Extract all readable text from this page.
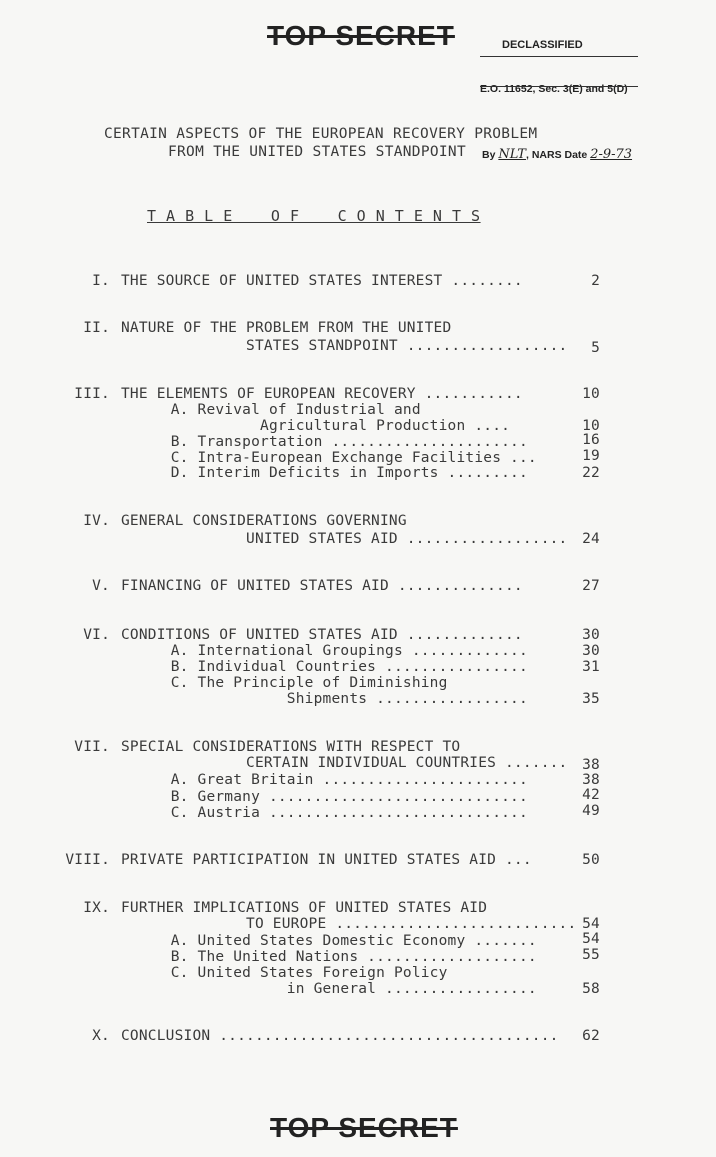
TOP SECRET
TOP SECRET

DECLASSIFIED

E.O. 11652, Sec. 3(E) and 5(D)

By NLT, NARS Date 2-9-73

CERTAIN ASPECTS OF THE EUROPEAN RECOVERY PROBLEM
FROM THE UNITED STATES STANDPOINT
T A B L E    O F    C O N T E N T S
I. THE SOURCE OF UNITED STATES INTEREST ........	2
II. NATURE OF THE PROBLEM FROM THE UNITED
STATES STANDPOINT ..................	5
III. THE ELEMENTS OF EUROPEAN RECOVERY ...........	10
A. Revival of Industrial and
Agricultural Production ....	10
B. Transportation ......................	16
C. Intra-European Exchange Facilities ...	19
D. Interim Deficits in Imports .........	22
IV. GENERAL CONSIDERATIONS GOVERNING
UNITED STATES AID ..................	24
V. FINANCING OF UNITED STATES AID ..............	27
VI. CONDITIONS OF UNITED STATES AID .............	30
A. International Groupings .............	30
B. Individual Countries ................	31
C. The Principle of Diminishing
Shipments .................	35
VII. SPECIAL CONSIDERATIONS WITH RESPECT TO
CERTAIN INDIVIDUAL COUNTRIES .......	38
A. Great Britain .......................	38
B. Germany .............................	42
C. Austria .............................	49
VIII. PRIVATE PARTICIPATION IN UNITED STATES AID ...	50
IX. FURTHER IMPLICATIONS OF UNITED STATES AID
TO EUROPE ........................... 54
A. United States Domestic Economy .......	54
B. The United Nations ...................	55
C. United States Foreign Policy
in General .................	58
X. CONCLUSION ......................................	62
